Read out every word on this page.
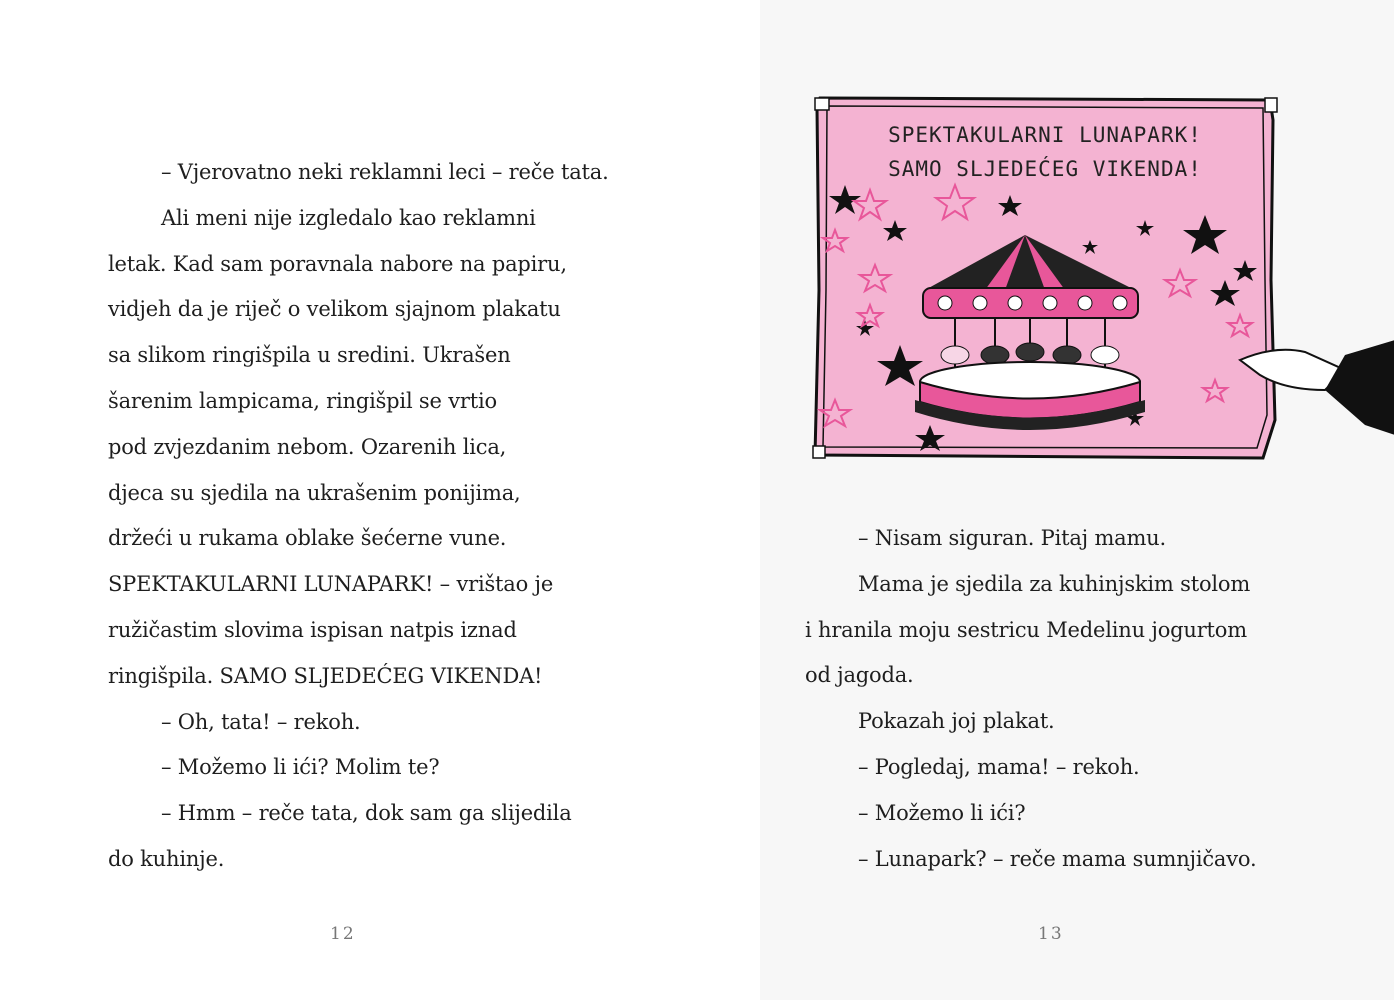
– Vjerovatno neki reklamni leci – reče tata.
Ali meni nije izgledalo kao reklamni
letak. Kad sam poravnala nabore na papiru,
vidjeh da je riječ o velikom sjajnom plakatu
sa slikom ringišpila u sredini. Ukrašen
šarenim lampicama, ringišpil se vrtio
pod zvjezdanim nebom. Ozarenih lica,
djeca su sjedila na ukrašenim ponijima,
držeći u rukama oblake šećerne vune.
SPEKTAKULARNI LUNAPARK! – vrištao je
ružičastim slovima ispisan natpis iznad
ringišpila. SAMO SLJEDEĆEG VIKENDA!
– Oh, tata! – rekoh.
– Možemo li ići? Molim te?
– Hmm – reče tata, dok sam ga slijedila
do kuhinje.
12
SPEKTAKULARNI LUNAPARK!
SAMO SLJEDEĆEG VIKENDA!
– Nisam siguran. Pitaj mamu.
Mama je sjedila za kuhinjskim stolom
i hranila moju sestricu Medelinu jogurtom
od jagoda.
Pokazah joj plakat.
– Pogledaj, mama! – rekoh.
– Možemo li ići?
– Lunapark? – reče mama sumnjičavo.
13
